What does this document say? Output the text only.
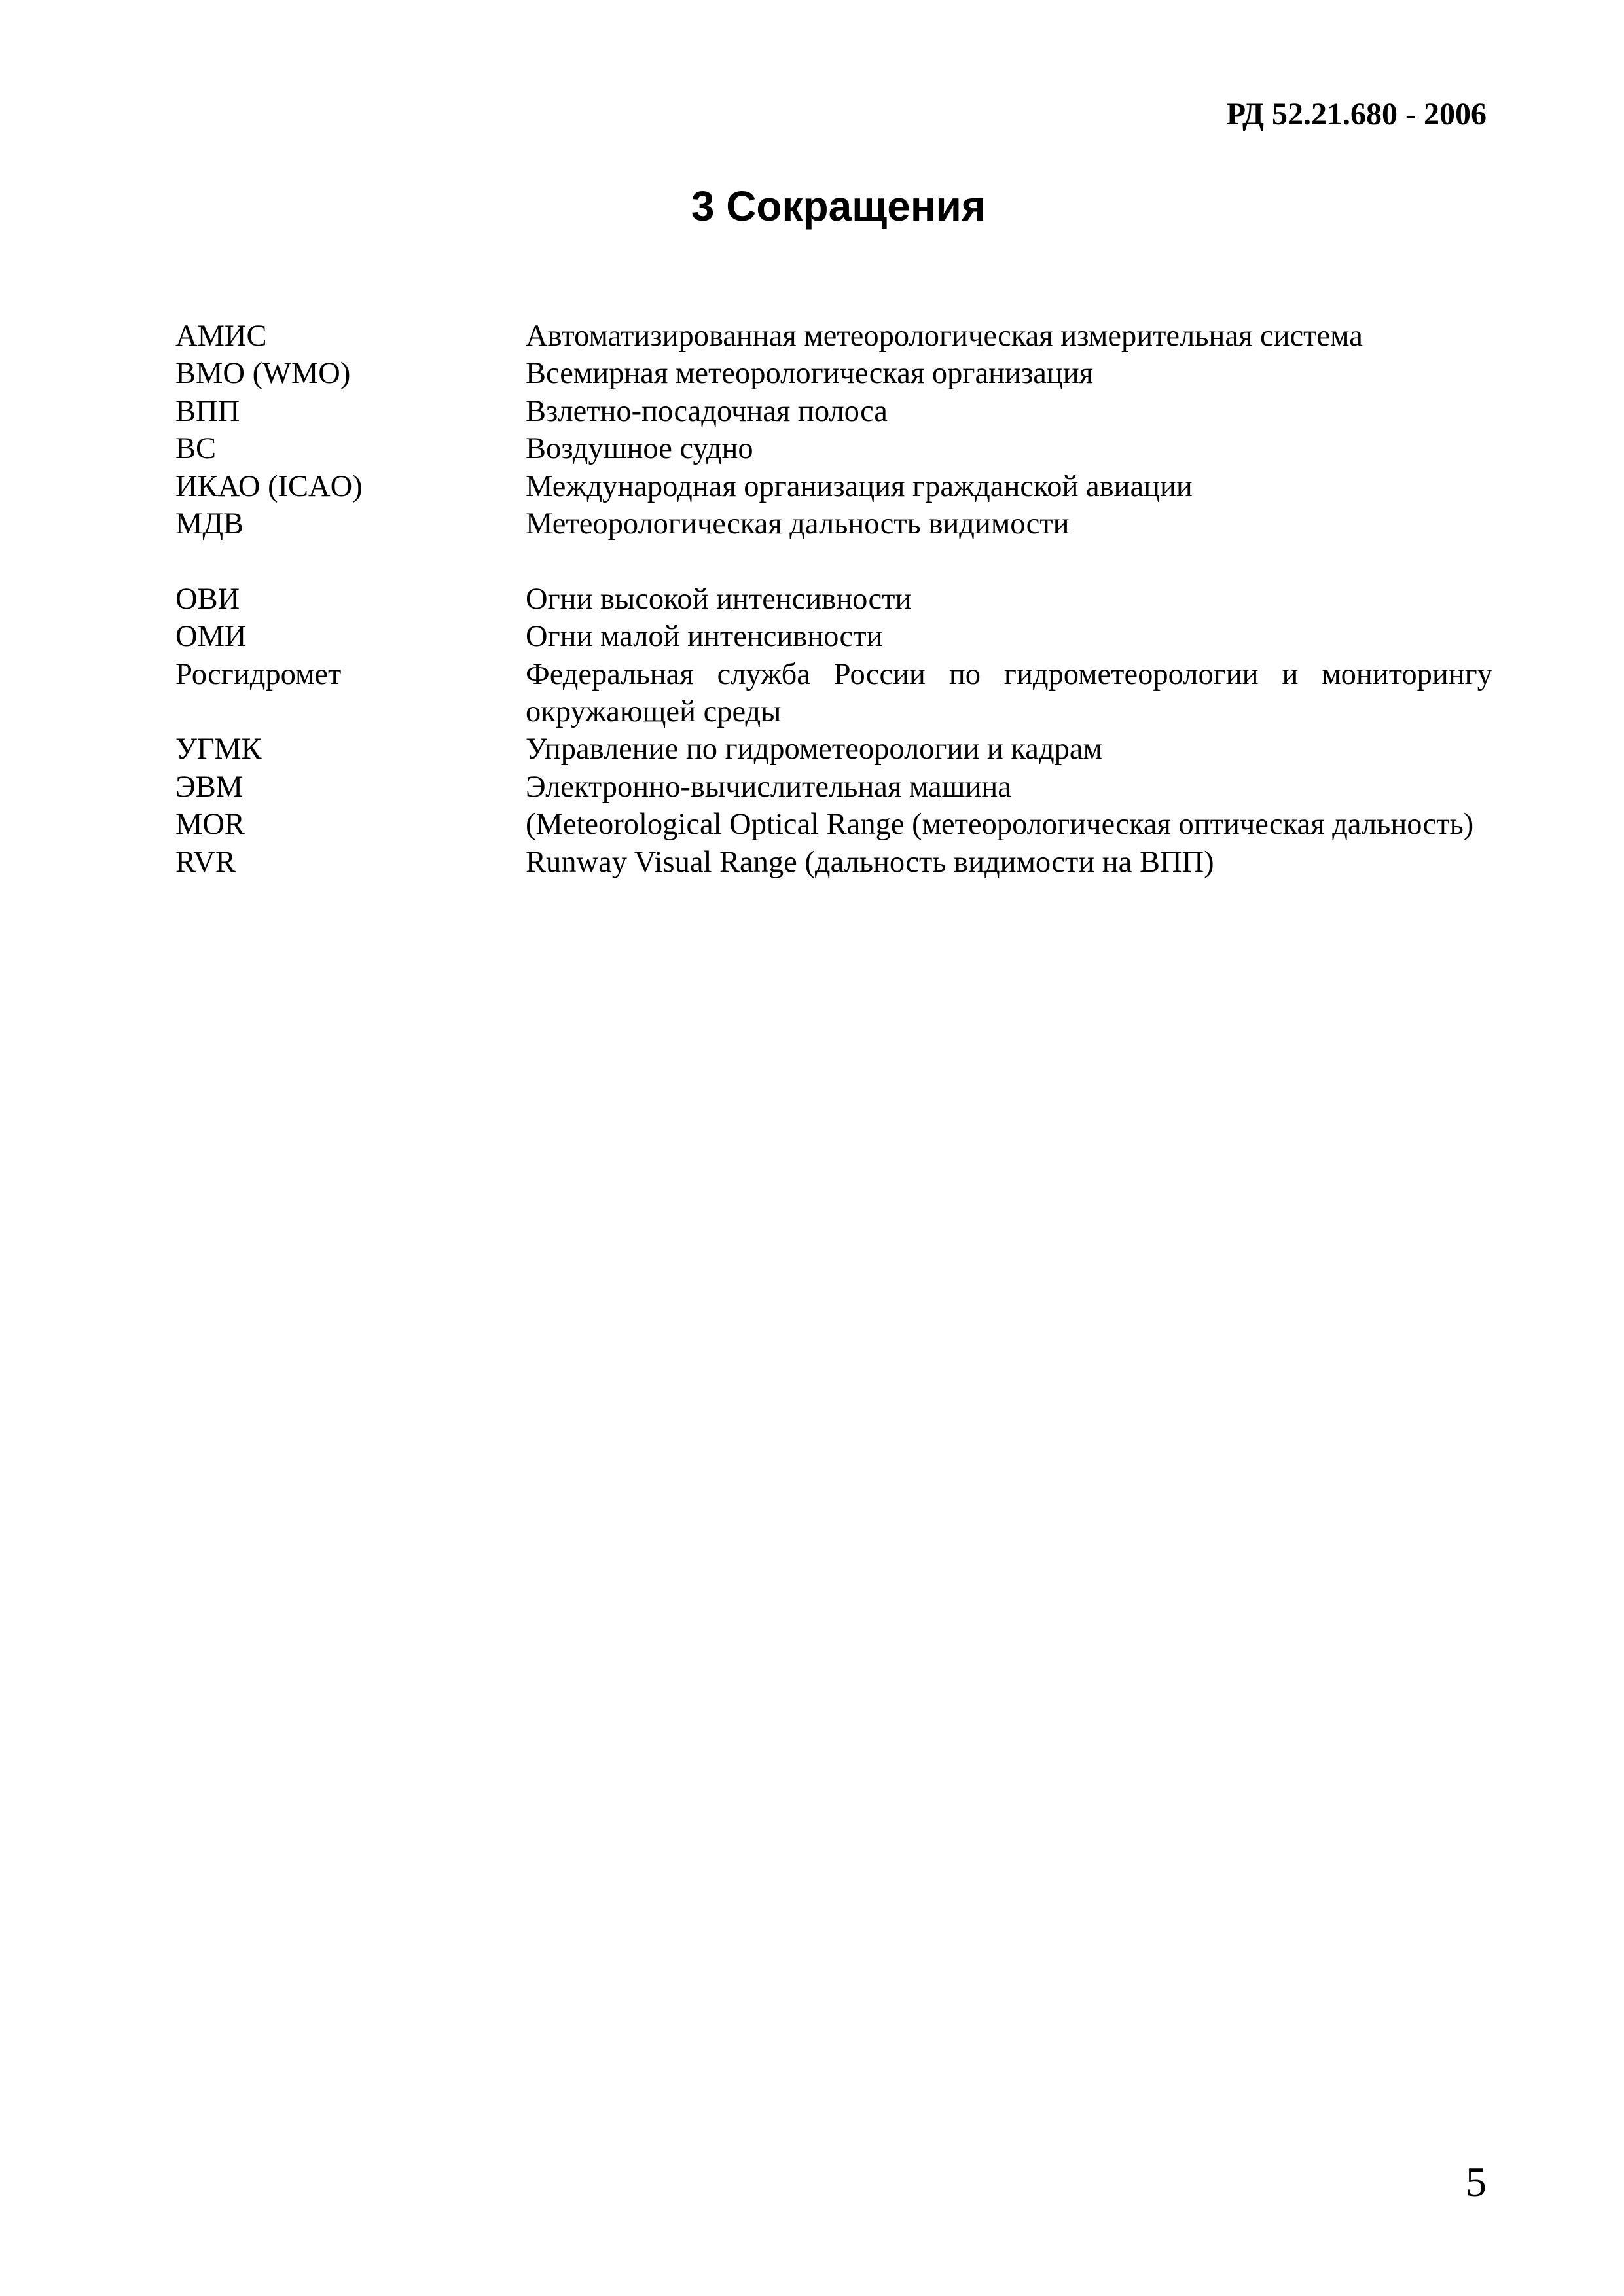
РД 52.21.680 - 2006
3 Сокращения
АМИС	Автоматизированная метеорологическая измерительная система
ВМО (WMO)	Всемирная метеорологическая организация
ВПП	Взлетно-посадочная полоса
ВС	Воздушное судно
ИКАО (ICAO)	Международная организация гражданской авиации
МДВ	Метеорологическая дальность видимости
ОВИ	Огни высокой интенсивности
ОМИ	Огни малой интенсивности
Росгидромет	Федеральная служба России по гидрометеорологии и мониторингу окружающей среды
УГМК	Управление по гидрометеорологии и кадрам
ЭВМ	Электронно-вычислительная машина
MOR	(Meteorological Optical Range (метеорологическая оптическая дальность)
RVR	Runway Visual Range (дальность видимости на ВПП)
5
